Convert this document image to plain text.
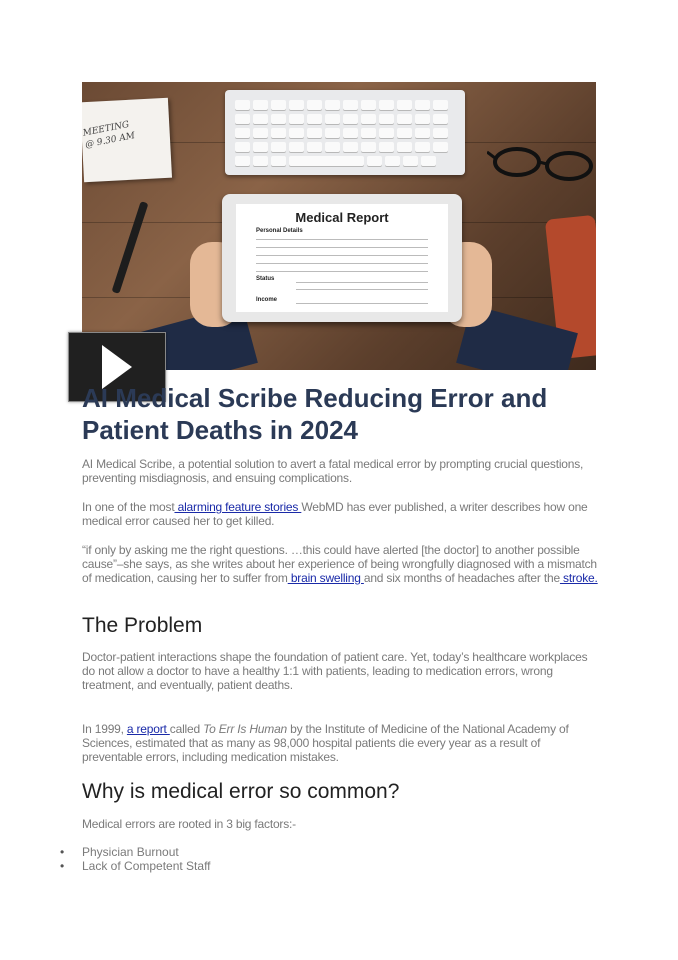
MEETING
@ 9.30 AM
Medical Report
Personal Details
Status
Income
AI Medical Scribe Reducing Error and Patient Deaths in 2024

AI Medical Scribe, a potential solution to avert a fatal medical error by prompting crucial questions, preventing misdiagnosis, and ensuing complications.

In one of the most alarming feature stories WebMD has ever published, a writer describes how one medical error caused her to get killed.

“if only by asking me the right questions. …this could have alerted [the doctor] to another possible cause”–she says, as she writes about her experience of being wrongfully diagnosed with a mismatch of medication, causing her to suffer from brain swelling and six months of headaches after the stroke.

The Problem

Doctor-patient interactions shape the foundation of patient care. Yet, today’s healthcare workplaces do not allow a doctor to have a healthy 1:1 with patients, leading to medication errors, wrong treatment, and eventually, patient deaths.

In 1999, a report called To Err Is Human by the Institute of Medicine of the National Academy of Sciences, estimated that as many as 98,000 hospital patients die every year as a result of preventable errors, including medication mistakes.

Why is medical error so common?

Medical errors are rooted in 3 big factors:-

• Physician Burnout
• Lack of Competent Staff
